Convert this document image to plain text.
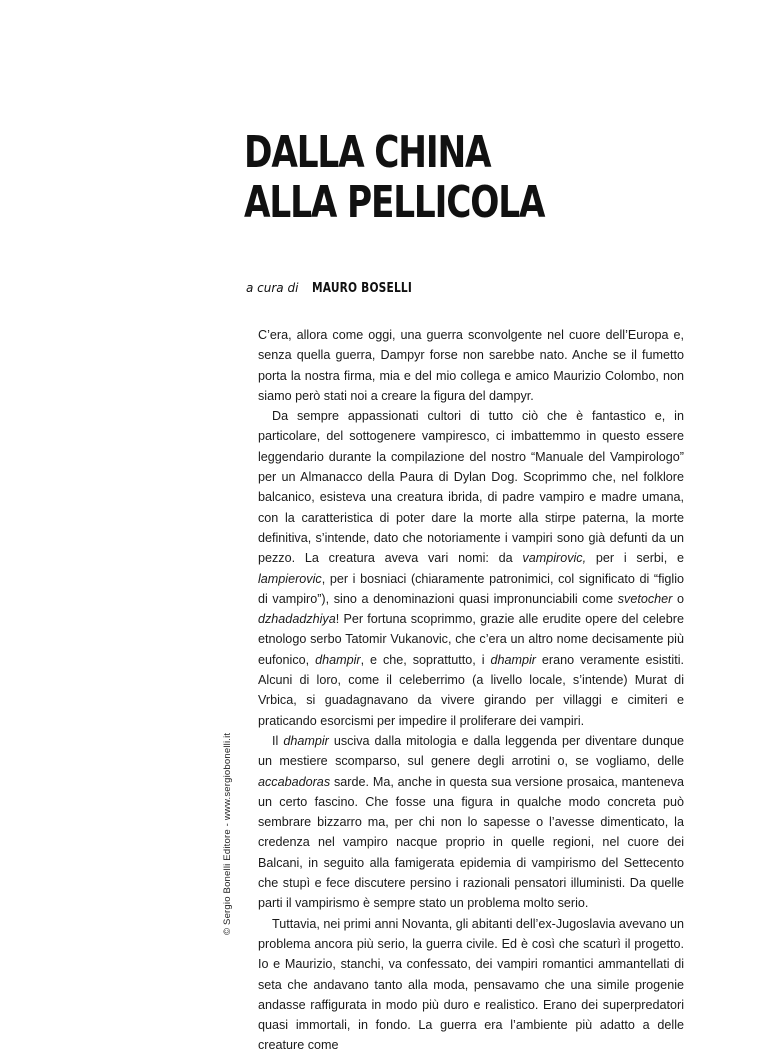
DALLA CHINA
ALLA PELLICOLA
a cura di MAURO BOSELLI

C’era, allora come oggi, una guerra sconvolgente nel cuore dell’Europa e, senza quella guerra, Dampyr forse non sarebbe nato. Anche se il fumetto porta la nostra firma, mia e del mio collega e amico Maurizio Colombo, non siamo però stati noi a creare la figura del dampyr.

Da sempre appassionati cultori di tutto ciò che è fantastico e, in particolare, del sottogenere vampiresco, ci imbattemmo in questo essere leggendario durante la compilazione del nostro “Manuale del Vampirologo” per un Almanacco della Paura di Dylan Dog. Scoprimmo che, nel folklore balcanico, esisteva una creatura ibrida, di padre vampiro e madre umana, con la caratteristica di poter dare la morte alla stirpe paterna, la morte definitiva, s’intende, dato che notoriamente i vampiri sono già defunti da un pezzo. La creatura aveva vari nomi: da vampirovic, per i serbi, e lampierovic, per i bosniaci (chiaramente patronimici, col significato di “figlio di vampiro”), sino a denominazioni quasi impronunciabili come svetocher o dzhadadzhiya! Per fortuna scoprimmo, grazie alle erudite opere del celebre etnologo serbo Tatomir Vukanovic, che c’era un altro nome decisamente più eufonico, dhampir, e che, soprattutto, i dhampir erano veramente esistiti. Alcuni di loro, come il celeberrimo (a livello locale, s’intende) Murat di Vrbica, si guadagnavano da vivere girando per villaggi e cimiteri e praticando esorcismi per impedire il proliferare dei vampiri.

Il dhampir usciva dalla mitologia e dalla leggenda per diventare dunque un mestiere scomparso, sul genere degli arrotini o, se vogliamo, delle accabadoras sarde. Ma, anche in questa sua versione prosaica, manteneva un certo fascino. Che fosse una figura in qualche modo concreta può sembrare bizzarro ma, per chi non lo sapesse o l’avesse dimenticato, la credenza nel vampiro nacque proprio in quelle regioni, nel cuore dei Balcani, in seguito alla famigerata epidemia di vampirismo del Settecento che stupì e fece discutere persino i razionali pensatori illuministi. Da quelle parti il vampirismo è sempre stato un problema molto serio.

Tuttavia, nei primi anni Novanta, gli abitanti dell’ex-Jugoslavia avevano un problema ancora più serio, la guerra civile. Ed è così che scaturì il progetto. Io e Maurizio, stanchi, va confessato, dei vampiri romantici ammantellati di seta che andavano tanto alla moda, pensavamo che una simile progenie andasse raffigurata in modo più duro e realistico. Erano dei superpredatori quasi immortali, in fondo. La guerra era l’ambiente più adatto a delle creature come

© Sergio Bonelli Editore - www.sergiobonelli.it
